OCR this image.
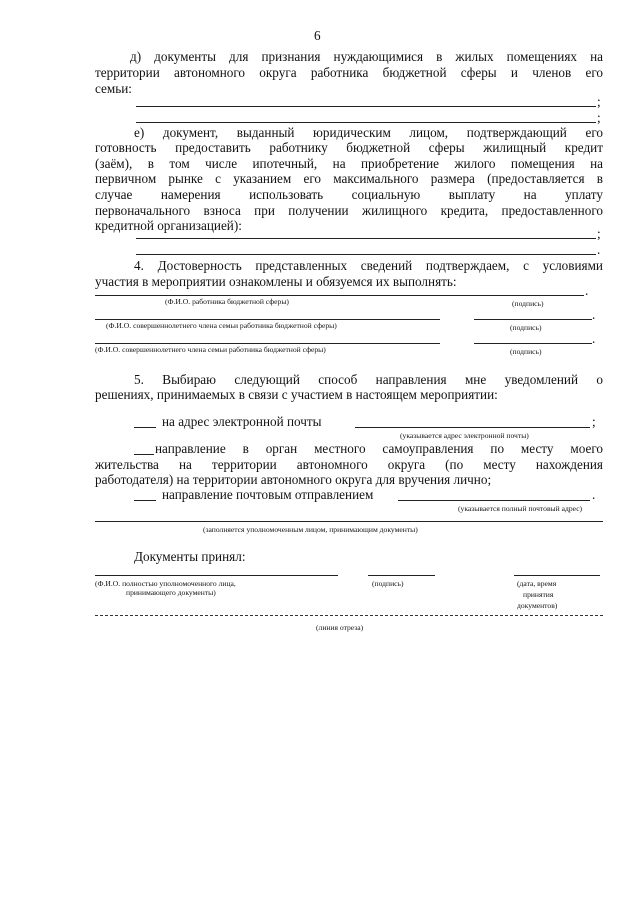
6
д) документы для признания нуждающимися в жилых помещениях на
территории автономного округа работника бюджетной сферы и членов его
семьи:
;
;
е) документ, выданный юридическим лицом, подтверждающий его
готовность предоставить работнику бюджетной сферы жилищный кредит
(заём), в том числе ипотечный, на приобретение жилого помещения на
первичном рынке с указанием его максимального размера (предоставляется в
случае намерения использовать социальную выплату на уплату
первоначального взноса при получении жилищного кредита, предоставленного
кредитной организацией):
;
.
4. Достоверность представленных сведений подтверждаем, с условиями
участия в мероприятии ознакомлены и обязуемся их выполнять:
.
(Ф.И.О. работника бюджетной сферы)	(подпись)
.
(Ф.И.О. совершеннолетнего члена семьи работника бюджетной сферы)	(подпись)
.
(Ф.И.О. совершеннолетнего члена семьи работника бюджетной сферы)	(подпись)
5. Выбираю следующий способ направления мне уведомлений о
решениях, принимаемых в связи с участием в настоящем мероприятии:
на адрес электронной почты	;
(указывается адрес электронной почты)
направление в орган местного самоуправления по месту моего
жительства на территории автономного округа (по месту нахождения
работодателя) на территории автономного округа для вручения лично;
направление почтовым отправлением	.
(указывается полный почтовый адрес)
(заполняется уполномоченным лицом, принимающим документы)
Документы принял:
(Ф.И.О. полностью уполномоченного лица,
принимающего документы)
(подпись)	(дата, время
принятия
документов)
(линия отреза)
